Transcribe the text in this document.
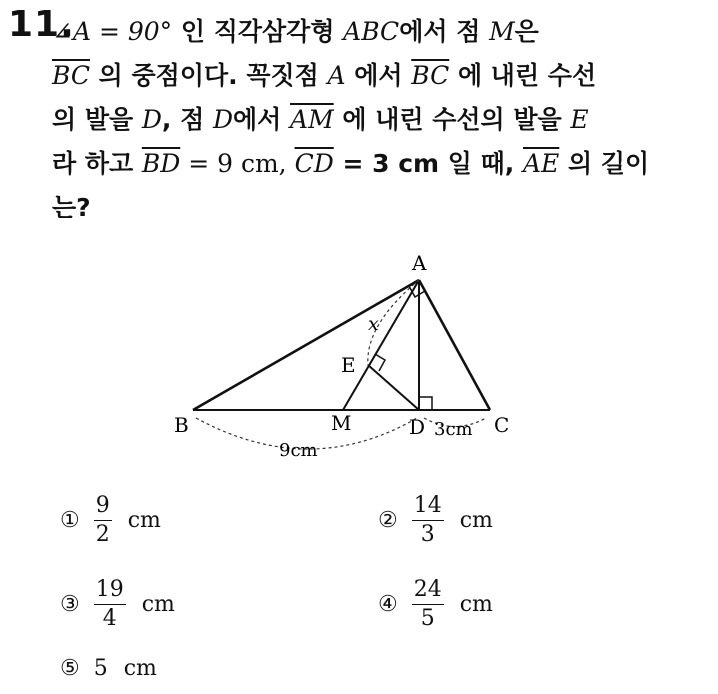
11.
∠A = 90° 인 직각삼각형 ABC에서 점 M은
$\overline{BC}$ 의 중점이다. 꼭짓점 A 에서 $\overline{BC}$ 에 내린 수선
의 발을 D, 점 D에서 $\overline{AM}$ 에 내린 수선의 발을 E
라 하고 $\overline{BD} = 9$ cm, $\overline{CD} = 3$ cm 일 때, $\overline{AE}$ 의 길이
는?
A
B	C
D
E
M
x
9cm
3cm
① $\frac{9}{2}$ cm	② $\frac{14}{3}$ cm
③ $\frac{19}{4}$ cm	④ $\frac{24}{5}$ cm
⑤ 5 cm
